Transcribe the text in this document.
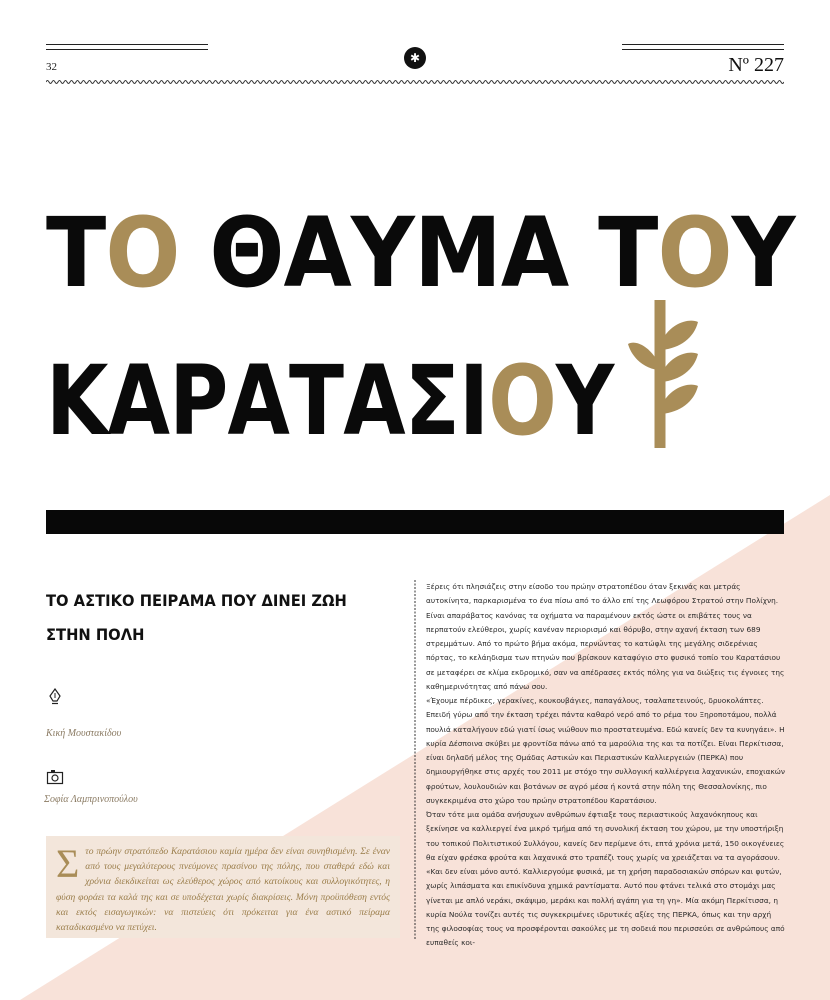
✱
32	Nº 227
ΤΟ ΘΑΥΜΑ ΤΟΥ
ΚΑΡΑΤΑΣΙΟΥ
ΤΟ ΑΣΤΙΚΟ ΠΕΙΡΑΜΑ ΠΟΥ ΔΙΝΕΙ ΖΩΗ ΣΤΗΝ ΠΟΛΗ
Κική Μουστακίδου
Σοφία Λαμπρινοπούλου
Σ το πρώην στρατόπεδο Καρατάσιου καμία ημέρα δεν είναι συνηθισμένη. Σε έναν από τους μεγαλύτερους πνεύμονες πρασίνου της πόλης, που σταθερά εδώ και χρόνια διεκδικείται ως ελεύθερος χώρος από κατοίκους και συλλογικότητες, η φύση φοράει τα καλά της και σε υποδέχεται χωρίς διακρίσεις. Μόνη προϋπόθεση εντός και εκτός εισαγωγικών: να πιστεύεις ότι πρόκειται για ένα αστικό πείραμα καταδικασμένο να πετύχει.

Ξέρεις ότι πλησιάζεις στην είσοδο του πρώην στρατοπέδου όταν ξεκινάς και μετράς αυτοκίνητα, παρκαρισμένα το ένα πίσω από το άλλο επί της Λεωφόρου Στρατού στην Πολίχνη. Είναι απαράβατος κανόνας τα οχήματα να παραμένουν εκτός ώστε οι επιβάτες τους να περπατούν ελεύθεροι, χωρίς κανέναν περιορισμό και θόρυβο, στην αχανή έκταση των 689 στρεμμάτων. Από το πρώτο βήμα ακόμα, περνώντας το κατώφλι της μεγάλης σιδερένιας πόρτας, το κελάηδισμα των πτηνών που βρίσκουν καταφύγιο στο φυσικό τοπίο του Καρατάσιου σε μεταφέρει σε κλίμα εκδρομικό, σαν να απέδρασες εκτός πόλης για να διώξεις τις έγνοιες της καθημερινότητας από πάνω σου.

«Έχουμε πέρδικες, γερακίνες, κουκουβάγιες, παπαγάλους, τσαλαπετεινούς, δρυοκολάπτες. Επειδή γύρω από την έκταση τρέχει πάντα καθαρό νερό από το ρέμα του Ξηροποτάμου, πολλά πουλιά καταλήγουν εδώ γιατί ίσως νιώθουν πιο προστατευμένα. Εδώ κανείς δεν τα κυνηγάει». Η κυρία Δέσποινα σκύβει με φροντίδα πάνω από τα μαρούλια της και τα ποτίζει. Είναι Περκίτισσα, είναι δηλαδή μέλος της Ομάδας Αστικών και Περιαστικών Καλλιεργειών (ΠΕΡΚΑ) που δημιουργήθηκε στις αρχές του 2011 με στόχο την συλλογική καλλιέργεια λαχανικών, εποχιακών φρούτων, λουλουδιών και βοτάνων σε αγρό μέσα ή κοντά στην πόλη της Θεσσαλονίκης, πιο συγκεκριμένα στο χώρο του πρώην στρατοπέδου Καρατάσιου.

Όταν τότε μια ομάδα ανήσυχων ανθρώπων έφτιαξε τους περιαστικούς λαχανόκηπους και ξεκίνησε να καλλιεργεί ένα μικρό τμήμα από τη συνολική έκταση του χώρου, με την υποστήριξη του τοπικού Πολιτιστικού Συλλόγου, κανείς δεν περίμενε ότι, επτά χρόνια μετά, 150 οικογένειες θα είχαν φρέσκα φρούτα και λαχανικά στο τραπέζι τους χωρίς να χρειάζεται να τα αγοράσουν. «Και δεν είναι μόνο αυτό. Καλλιεργούμε φυσικά, με τη χρήση παραδοσιακών σπόρων και φυτών, χωρίς λιπάσματα και επικίνδυνα χημικά ραντίσματα. Αυτό που φτάνει τελικά στο στομάχι μας γίνεται με απλό νεράκι, σκάψιμο, μεράκι και πολλή αγάπη για τη γη». Μία ακόμη Περκίτισσα, η κυρία Νούλα τονίζει αυτές τις συγκεκριμένες ιδρυτικές αξίες της ΠΕΡΚΑ, όπως και την αρχή της φιλοσοφίας τους να προσφέρονται σακούλες με τη σοδειά που περισσεύει σε ανθρώπους από ευπαθείς κοι-
